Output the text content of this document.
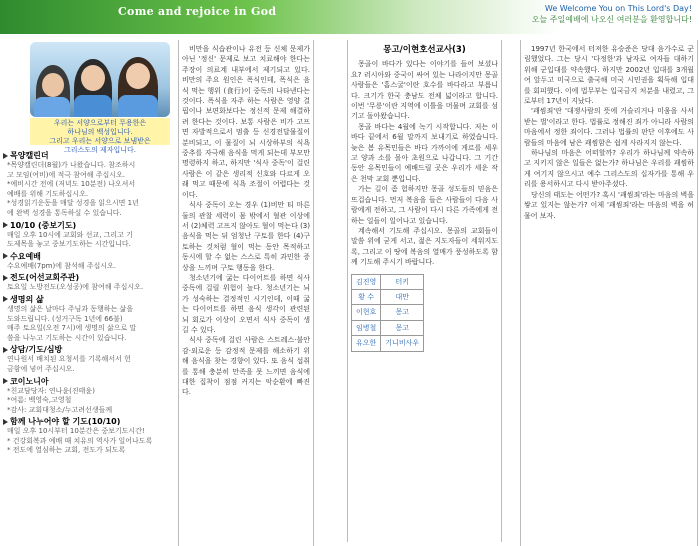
Come and rejoice in God	We Welcome You on This Lord's Day!
오늘 주일예배에 나오신 여러분을 환영합니다!
우리는 서양으로부터 무용한은
하나님의 백성입니다.
그리고 우리는 서양으로 보냄받은
그리스도의 제자입니다.
목양캘린더
*목양캘린더(8월)가 나왔습니다. 참조하시
고 모임(여비)에 적극 참여해 주십시오.
*예비시간 전에 (저녁도 10분전) 나오셔서
예배를 위해 기도하십시오.
*성경읽기운동을 매달 성경을 읽으시면 1년
에 완벽 성경을 통독하실 수 있습니다.
10/10 (중보기도)
매일 오후 10시에 교회와 선교, 그리고 기
도제목을 놓고 중보기도하는 시간입니다.
수요예배
수요예배(7pm)에 참석해 주십시오.
전도(어선교회주관)
토요일 노방전도(오성공)에 참여해 주십시오.
생명의 삶
생명의 삶은 날마다 주님과 동행하는 삶을
도와드립니다. (성거구독 1년에 66불)
매주 토요일(오전 7시)에 생명의 삶으로 말
씀을 나누고 기도하는 시간이 있습니다.
상담/기도/심방
연나원서 배치된 요청서를 기록해서서 헌
금함에 넣어 주십시오.
코이노니아
*친교담당자: 연나윤(진태윤)
*여름: 백영숙,고영철
*감사: 교회대청소/누고려선생들께
함께 나누어야 할 기도(10/10)
매일 오후 10시부터 10분간은 중보기도시간!
* 건강회복과 예배 때 치유의 역사가 일어나도록
* 전도에 열심하는 교회, 전도가 되도록

비만을 식습관이나 유전 등 신체 문제가 아닌 '정신' 문제로 보고 치료해야 한다는 주장이 의료계 내부에서 제기되고 있다. 비만의 주요 원인은 폭식인데, 폭식은 음식 먹는 행위 (食行)이 중독의 나타낸다는 것이다. 폭식을 자주 하는 사람은 영양 결핍이나 보편화보다는 정신적 문제 해결하려 한다는 것이다. 보통 사람은 비가 고프면 자발적으로서 멈출 등 신경전달물질이 분비되고, 이 물질이 뇌 시상하부의 식욕 중추를 자극해 음식을 먹게 되는데 부모만 명령하지 하고, 하지만 '식사 중독'이 걸린 사람은 이 같은 생리적 신호와 다르게 오래 먹고 때문에 식욕 조절이 어렵다는 것이다.

식사 중독이 오는 경우 (1)비만 티 마른 둘의 관찰 세력이 몸 밖에서 혈관 이상에서 (2)체력 고프지 않아도 혈이 먹는다 (3)음식을 먹는 뒤 엄청난 구토를 한다 (4)구토하는 것처럼 혈이 먹는 동안 목적하고 동시에 할 수 없는 스스로 특히 과민한 증상을 느끼며 구토 행동을 한다.

청소년기에 굶는 다이어트를 하면 식사 중독에 걸릴 위험이 높다. 청소년기는 뇌가 성숙하는 결정적인 시기인데, 이때 굶는 다이어트를 하면 음식 생각이 관련된 뇌 회로가 이상이 오면서 식사 중독이 생길 수 있다.

식사 중독에 걸린 사람은 스트레스·불안감·외로운 등 감정적 문제를 해소하기 위해 음식을 찾는 경향이 있다. 또 음식 섭취를 통해 충분히 만족을 못 느끼면 음식에 대한 집착이 점점 커지는 악순환에 빠진다.

몽고/이현호선교사(3)

몽골이 바다가 있다는 이야기를 들어 보셨나요? 러시아와 중국이 싸여 있는 나라이지만 몽골 사람들은 '홉스굴'이란 호수를 바다라고 부릅니다. 크기가 한국 충남도 전체 넓이라고 합니다. 이번 '무릉'이란 지역에 이틀을 머물며 교회를 섬기고 돌아왔습니다.

몽골 바다는 4월에 녹기 시작합니다. 저는 이 바다 끝에서 6월 말까지 보내기로 하였습니다. 늦은 봄 유목민들은 바다 가까이에 게르를 세우고 양과 소를 몰아 초원으로 나갑니다. 그 기간 동안 유목민들이 예배드릴 곳은 우리가 세운 작은 천막 교회 뿐입니다.

가는 길이 좀 험하지만 몽골 성도들의 믿음은 뜨겁습니다. 먼저 복음을 들은 사람들이 다음 사람에게 전하고, 그 사람이 다시 다른 가족에게 전하는 일들이 일어나고 있습니다.

계속해서 기도해 주십시오. 몽골의 교회들이 말씀 위에 굳게 서고, 젊은 지도자들이 세워지도록, 그리고 이 땅에 복음의 열매가 풍성하도록 함께 기도해 주시기 바랍니다.

김진영	터키
황 수	대만
이현호	몽고
임병철	몽고
유오한	기니비사우

1997년 한국에서 터져한 유승준은 당대 음가수로 군림했었다. 그는 당시 '다정한'과 남자로 여자들 대하기 위해 군입대를 약속했다. 하지만 2002년 입대를 3개월 여 앞두고 미국으로 출국해 미국 시민권을 획득해 입대를 회피했다. 이에 법무부는 입국금지 처분을 내렸고, 그로부터 17년이 지났다.

'괘씸죄'란 '대쟁사람의 뜻에 거슬리거나 미움을 사서 받는 벌'이라고 한다. 법률로 정해진 죄가 아니라 사람의 마음에서 정한 죄이다. 그러나 법률의 판단 이후에도 사람들의 마음에 남은 괘씸함은 쉽게 사라지지 않는다.

하나님의 마음은 어떠할까? 우리가 하나님께 약속하고 지키지 않은 일들은 없는가? 하나님은 우리를 괘씸하게 여기지 않으시고 예수 그리스도의 십자가를 통해 우리를 용서하시고 다시 받아주셨다.

당신의 태도는 어떤가? 혹시 '괘씸죄'라는 마음의 벽을 쌓고 있지는 않는가? 이제 '괘씸죄'라는 마음의 벽을 허물어 보자.
